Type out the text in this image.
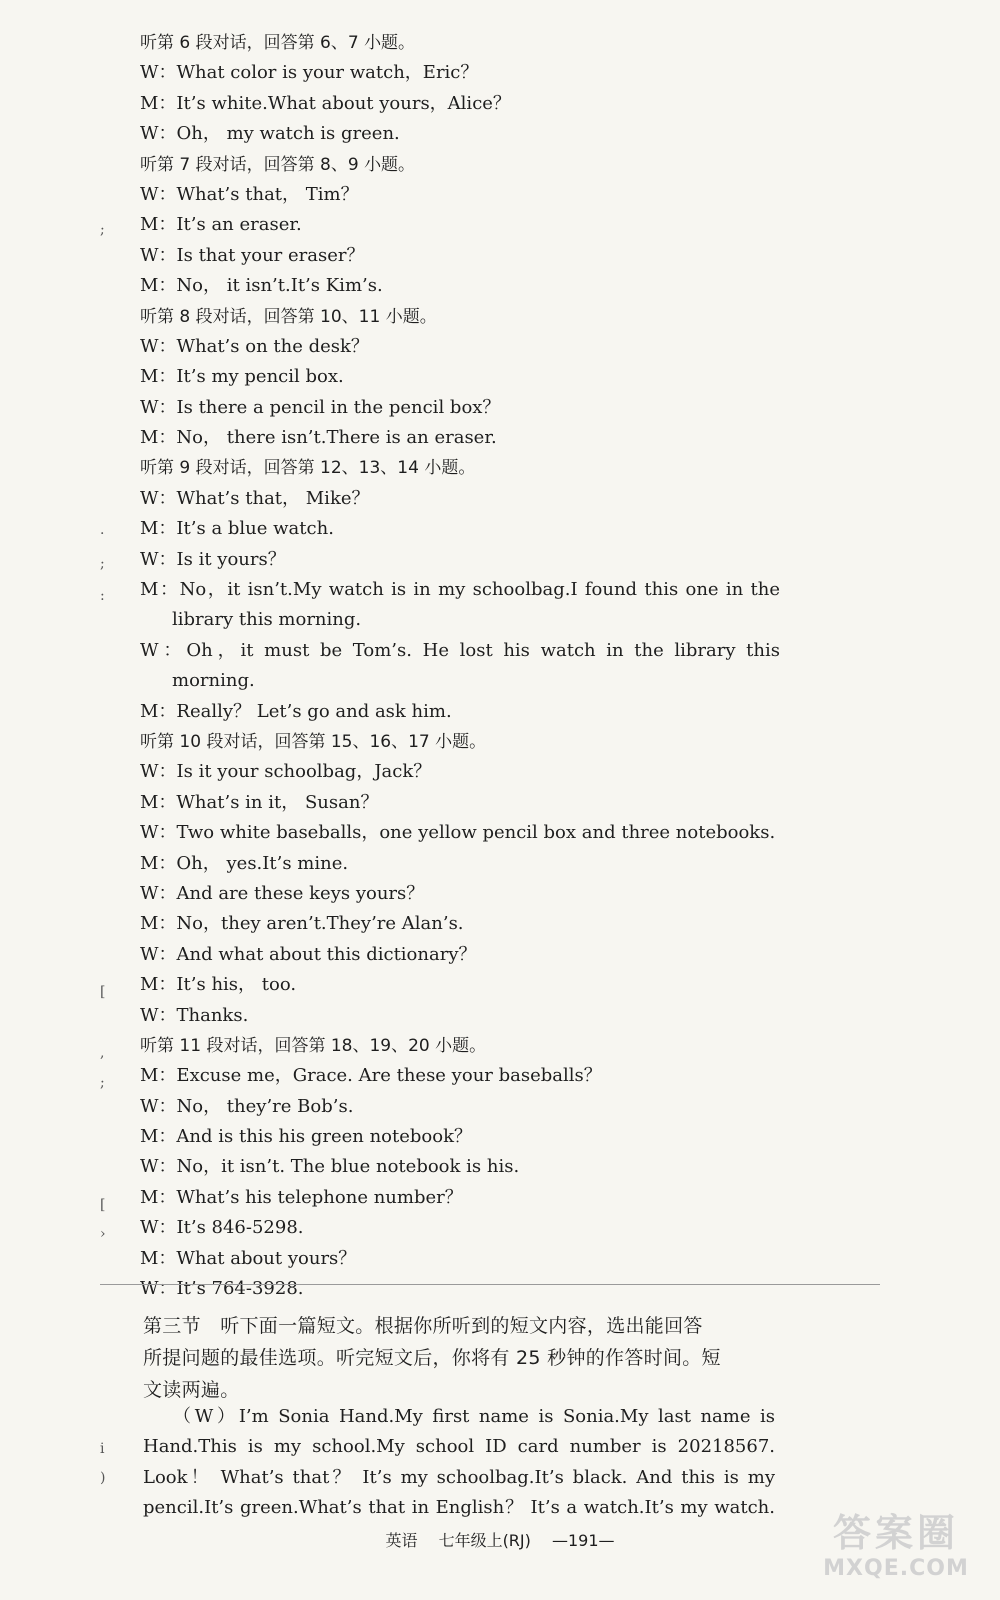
听第 6 段对话，回答第 6、7 小题。
W：What color is your watch，Eric？
M：It’s white.What about yours，Alice？
W：Oh， my watch is green.
听第 7 段对话，回答第 8、9 小题。
W：What’s that， Tim？
M：It’s an eraser.
W：Is that your eraser？
M：No， it isn’t.It’s Kim’s.
听第 8 段对话，回答第 10、11 小题。
W：What’s on the desk？
M：It’s my pencil box.
W：Is there a pencil in the pencil box？
M：No， there isn’t.There is an eraser.
听第 9 段对话，回答第 12、13、14 小题。
W：What’s that， Mike？
M：It’s a blue watch.
W：Is it yours？
M：No，it isn’t.My watch is in my schoolbag.I found this one in the
library this morning.
W：Oh，it must be Tom’s. He lost his watch in the library this
morning.
M：Really？ Let’s go and ask him.
听第 10 段对话，回答第 15、16、17 小题。
W：Is it your schoolbag，Jack？
M：What’s in it， Susan？
W：Two white baseballs，one yellow pencil box and three notebooks.
M：Oh， yes.It’s mine.
W：And are these keys yours？
M：No，they aren’t.They’re Alan’s.
W：And what about this dictionary？
M：It’s his， too.
W：Thanks.
听第 11 段对话，回答第 18、19、20 小题。
M：Excuse me，Grace. Are these your baseballs？
W：No， they’re Bob’s.
M：And is this his green notebook？
W：No，it isn’t. The blue notebook is his.
M：What’s his telephone number？
W：It’s 846-5298.
M：What about yours？
W：It’s 764-3928.
第三节　听下面一篇短文。根据你所听到的短文内容，选出能回答
所提问题的最佳选项。听完短文后，你将有 25 秒钟的作答时间。短
文读两遍。
（W）I’m Sonia Hand.My first name is Sonia.My last name is
Hand.This is my school.My school ID card number is 20218567.
Look！ What’s that？ It’s my schoolbag.It’s black. And this is my
pencil.It’s green.What’s that in English？ It’s a watch.It’s my watch.
英语 七年级上(RJ) —191—
;
·
;
:
[
,
;
[
›
i
)
答案圈
MXQE.COM
